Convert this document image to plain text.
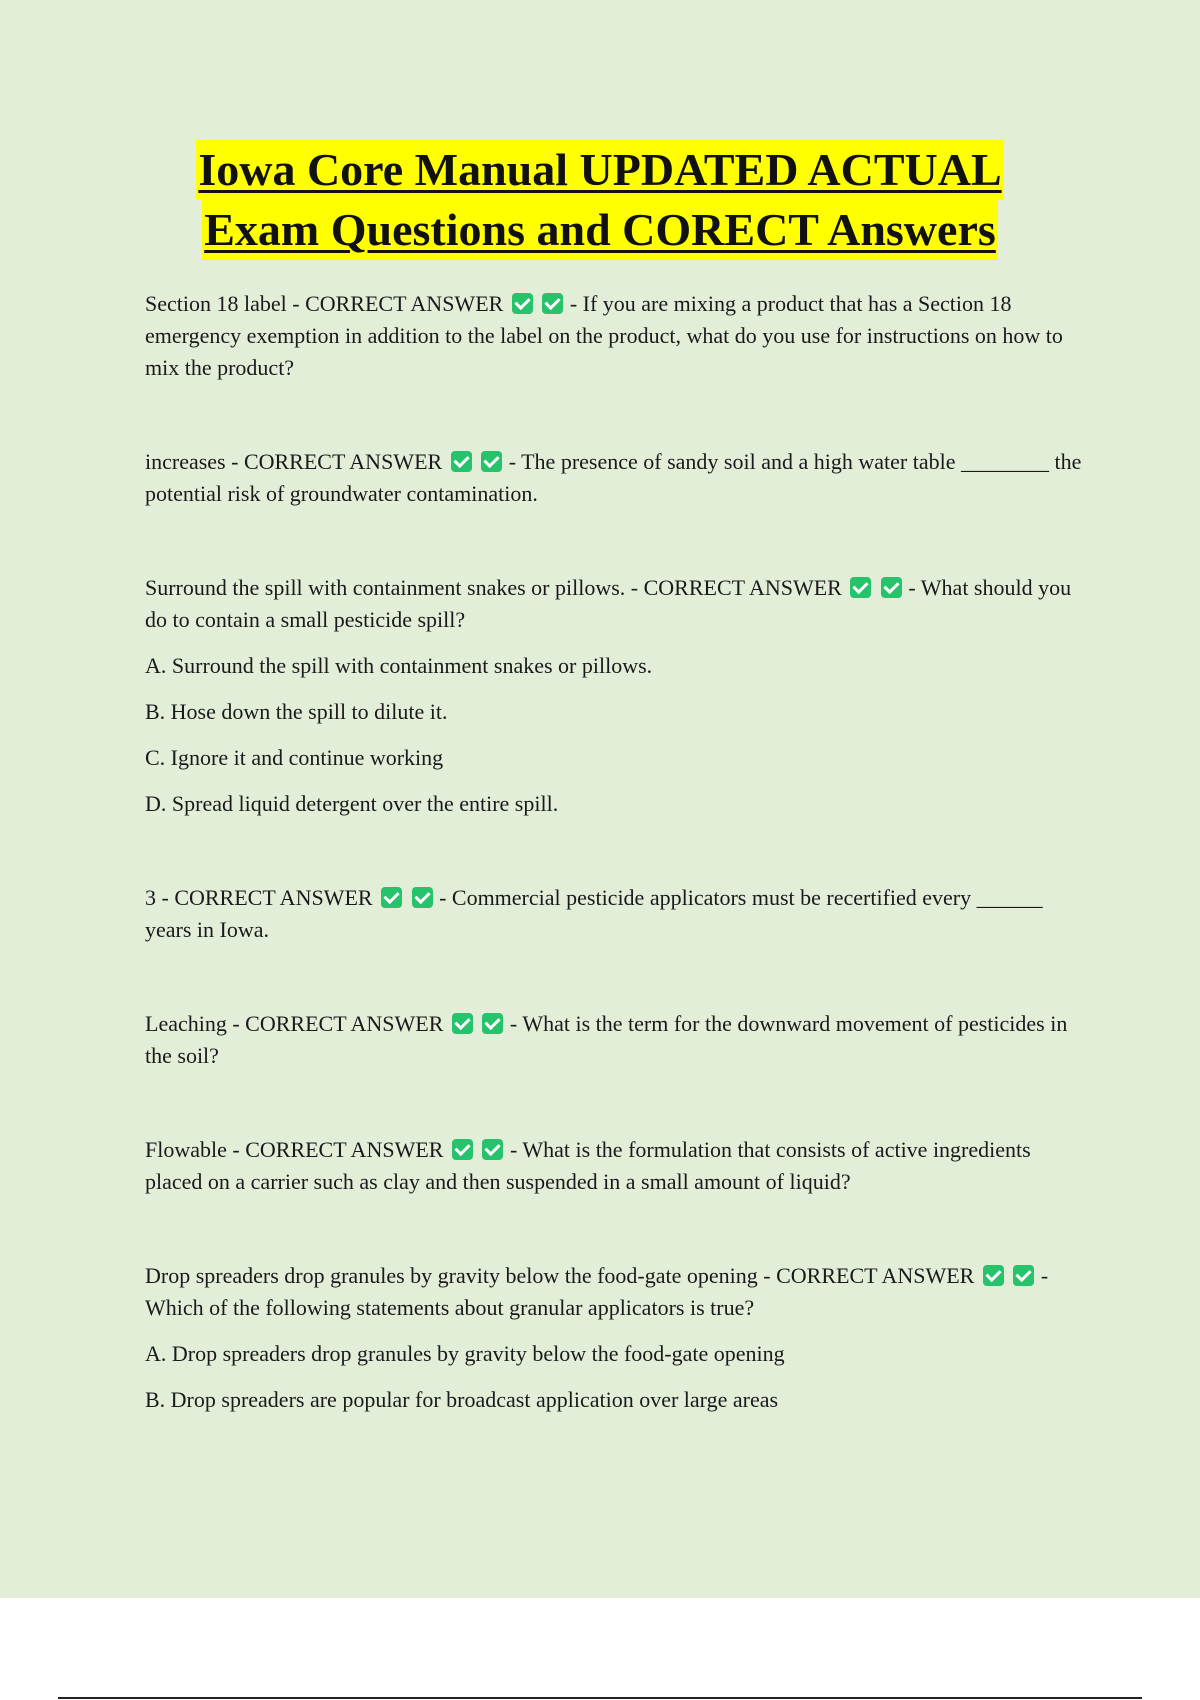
Iowa Core Manual UPDATED ACTUAL
Exam Questions and CORECT Answers

Section 18 label - CORRECT ANSWER	- If you are mixing a product that has a Section 18 emergency exemption in addition to the label on the product, what do you use for instructions on how to mix the product?

increases - CORRECT ANSWER	- The presence of sandy soil and a high water table ________ the potential risk of groundwater contamination.

Surround the spill with containment snakes or pillows. - CORRECT ANSWER	- What should you do to contain a small pesticide spill?

A. Surround the spill with containment snakes or pillows.

B. Hose down the spill to dilute it.

C. Ignore it and continue working

D. Spread liquid detergent over the entire spill.

3 - CORRECT ANSWER	- Commercial pesticide applicators must be recertified every ______ years in Iowa.

Leaching - CORRECT ANSWER	- What is the term for the downward movement of pesticides in the soil?

Flowable - CORRECT ANSWER	- What is the formulation that consists of active ingredients placed on a carrier such as clay and then suspended in a small amount of liquid?

Drop spreaders drop granules by gravity below the food-gate opening - CORRECT ANSWER	- Which of the following statements about granular applicators is true?

A. Drop spreaders drop granules by gravity below the food-gate opening

B. Drop spreaders are popular for broadcast application over large areas
